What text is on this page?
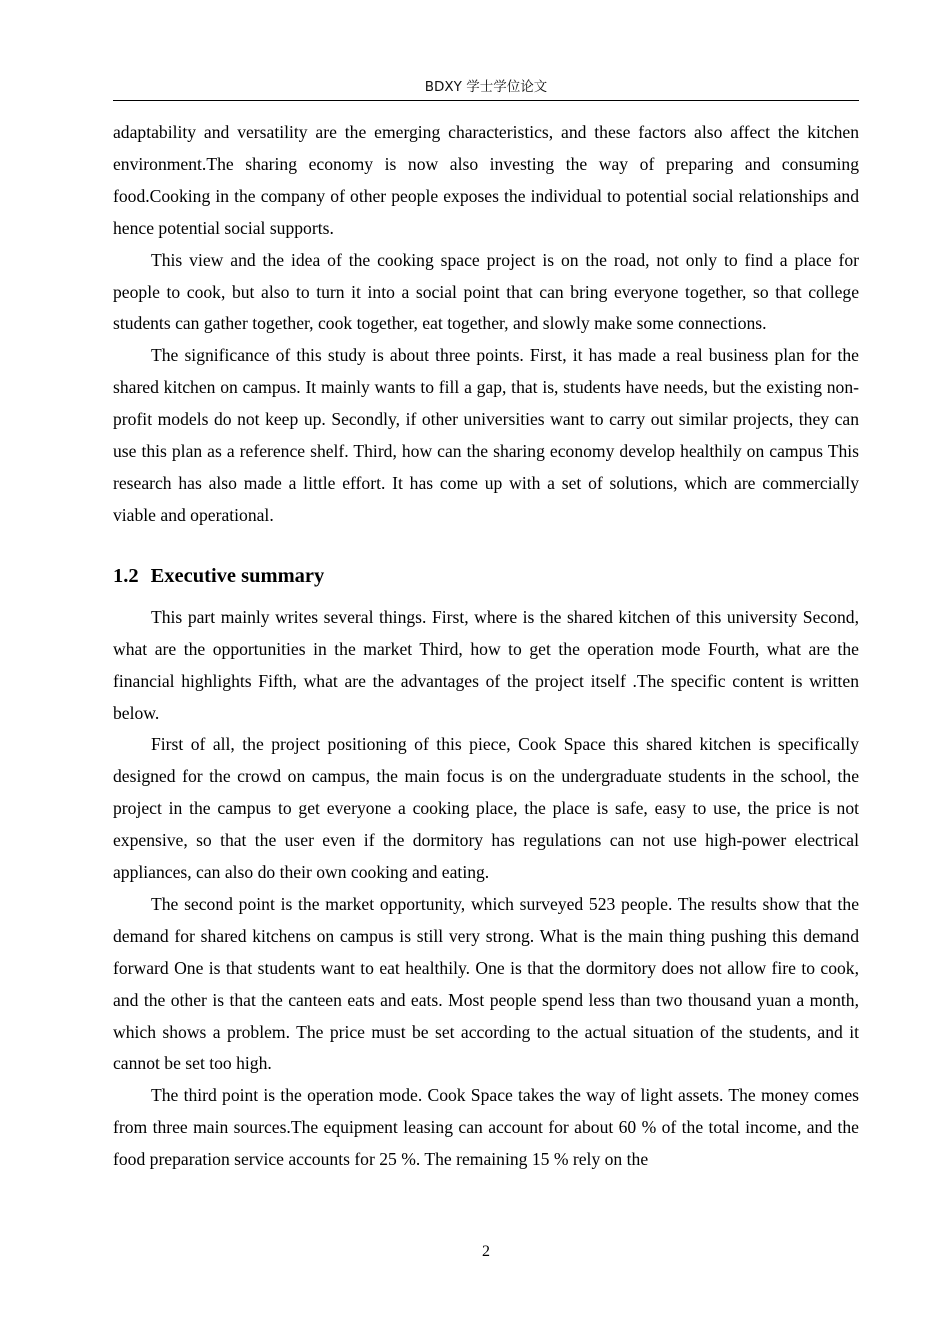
BDXY 学士学位论文

adaptability and versatility are the emerging characteristics, and these factors also affect the kitchen environment.The sharing economy is now also investing the way of preparing and consuming food.Cooking in the company of other people exposes the individual to potential social relationships and hence potential social supports.

This view and the idea of the cooking space project is on the road, not only to find a place for people to cook, but also to turn it into a social point that can bring everyone together, so that college students can gather together, cook together, eat together, and slowly make some connections.

The significance of this study is about three points. First, it has made a real business plan for the shared kitchen on campus. It mainly wants to fill a gap, that is, students have needs, but the existing non-profit models do not keep up. Secondly, if other universities want to carry out similar projects, they can use this plan as a reference shelf. Third, how can the sharing economy develop healthily on campus This research has also made a little effort. It has come up with a set of solutions, which are commercially viable and operational.

1.2 Executive summary

This part mainly writes several things. First, where is the shared kitchen of this university Second, what are the opportunities in the market Third, how to get the operation mode Fourth, what are the financial highlights Fifth, what are the advantages of the project itself .The specific content is written below.

First of all, the project positioning of this piece, Cook Space this shared kitchen is specifically designed for the crowd on campus, the main focus is on the undergraduate students in the school, the project in the campus to get everyone a cooking place, the place is safe, easy to use, the price is not expensive, so that the user even if the dormitory has regulations can not use high-power electrical appliances, can also do their own cooking and eating.

The second point is the market opportunity, which surveyed 523 people. The results show that the demand for shared kitchens on campus is still very strong. What is the main thing pushing this demand forward One is that students want to eat healthily. One is that the dormitory does not allow fire to cook, and the other is that the canteen eats and eats. Most people spend less than two thousand yuan a month, which shows a problem. The price must be set according to the actual situation of the students, and it cannot be set too high.

The third point is the operation mode. Cook Space takes the way of light assets. The money comes from three main sources.The equipment leasing can account for about 60 % of the total income, and the food preparation service accounts for 25 %. The remaining 15 % rely on the

2
